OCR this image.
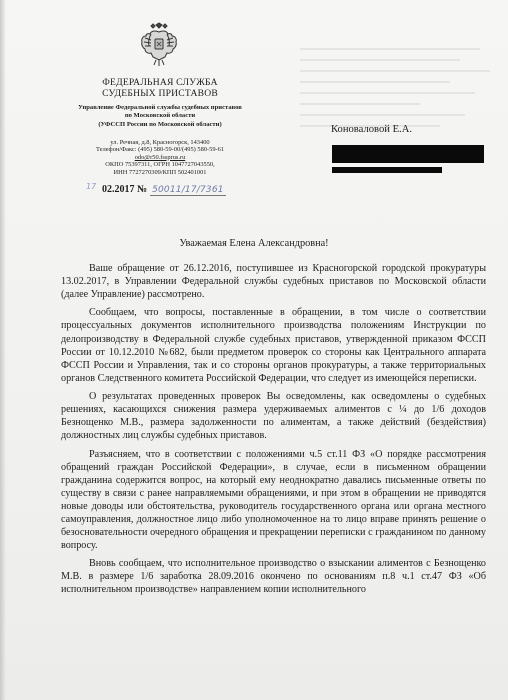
ФЕДЕРАЛЬНАЯ СЛУЖБА
СУДЕБНЫХ ПРИСТАВОВ
Управление Федеральной службы судебных приставов
по Московской области
(УФССП России по Московской области)
ул. Речная, д.8, Красногорск, 143400
Телефон/Факс: (495) 580-59-00/(495) 580-59-61
odo@r50.fssprus.ru
ОКПО 75397311, ОГРН 1047727043550,
ИНН 7727270309/КПП 502401001
17 02.2017 № 50011/17/7361
Коноваловой Е.А.
Уважаемая Елена Александровна!

Ваше обращение от 26.12.2016, поступившее из Красногорской городской прокуратуры 13.02.2017, в Управлении Федеральной службы судебных приставов по Московской области (далее Управление) рассмотрено.

Сообщаем, что вопросы, поставленные в обращении, в том числе о соответствии процессуальных документов исполнительного производства положениям Инструкции по делопроизводству в Федеральной службе судебных приставов, утвержденной приказом ФССП России от 10.12.2010 №682, были предметом проверок со стороны как Центрального аппарата ФССП России и Управления, так и со стороны органов прокуратуры, а также территориальных органов Следственного комитета Российской Федерации, что следует из имеющейся переписки.

О результатах проведенных проверок Вы осведомлены, как осведомлены о судебных решениях, касающихся снижения размера удерживаемых алиментов с ¼ до 1/6 доходов Безнощенко М.В., размера задолженности по алиментам, а также действий (бездействия) должностных лиц службы судебных приставов.

Разъясняем, что в соответствии с положениями ч.5 ст.11 ФЗ «О порядке рассмотрения обращений граждан Российской Федерации», в случае, если в письменном обращении гражданина содержится вопрос, на который ему неоднократно давались письменные ответы по существу в связи с ранее направляемыми обращениями, и при этом в обращении не приводятся новые доводы или обстоятельства, руководитель государственного органа или органа местного самоуправления, должностное лицо либо уполномоченное на то лицо вправе принять решение о безосновательности очередного обращения и прекращении переписки с гражданином по данному вопросу.

Вновь сообщаем, что исполнительное производство о взыскании алиментов с Безнощенко М.В. в размере 1/6 заработка 28.09.2016 окончено по основаниям п.8 ч.1 ст.47 ФЗ «Об исполнительном производстве» направлением копии исполнительного
